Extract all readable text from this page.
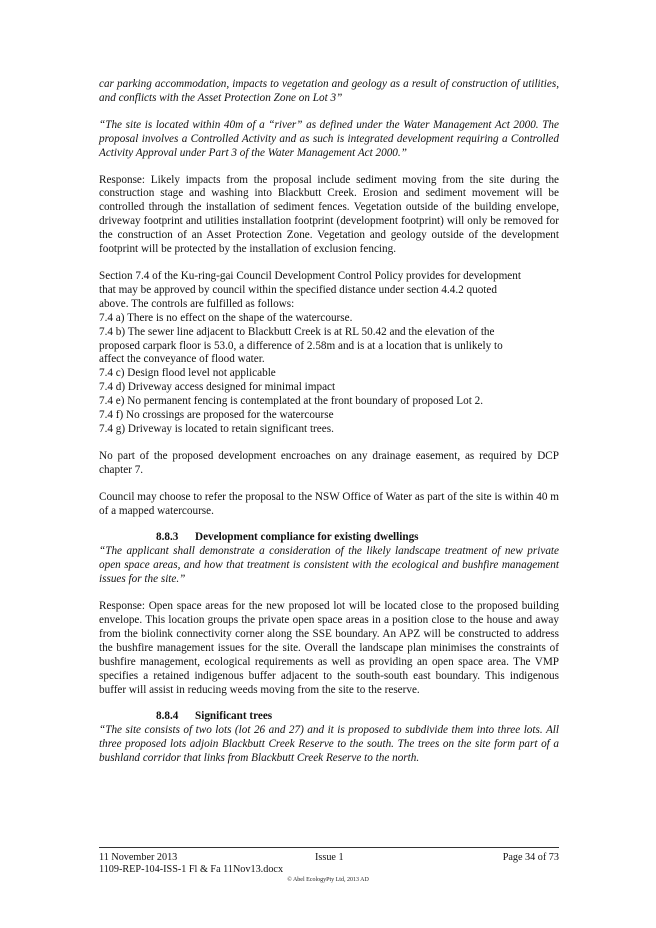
car parking accommodation, impacts to vegetation and geology as a result of construction of utilities, and conflicts with the Asset Protection Zone on Lot 3”

“The site is located within 40m of a “river” as defined under the Water Management Act 2000. The proposal involves a Controlled Activity and as such is integrated development requiring a Controlled Activity Approval under Part 3 of the Water Management Act 2000.”

Response: Likely impacts from the proposal include sediment moving from the site during the construction stage and washing into Blackbutt Creek. Erosion and sediment movement will be controlled through the installation of sediment fences. Vegetation outside of the building envelope, driveway footprint and utilities installation footprint (development footprint) will only be removed for the construction of an Asset Protection Zone. Vegetation and geology outside of the development footprint will be protected by the installation of exclusion fencing.

Section 7.4 of the Ku-ring-gai Council Development Control Policy provides for development
that may be approved by council within the specified distance under section 4.4.2 quoted
above. The controls are fulfilled as follows:
7.4 a) There is no effect on the shape of the watercourse.
7.4 b) The sewer line adjacent to Blackbutt Creek is at RL 50.42 and the elevation of the
proposed carpark floor is 53.0, a difference of 2.58m and is at a location that is unlikely to
affect the conveyance of flood water.
7.4 c) Design flood level not applicable
7.4 d) Driveway access designed for minimal impact
7.4 e) No permanent fencing is contemplated at the front boundary of proposed Lot 2.
7.4 f) No crossings are proposed for the watercourse
7.4 g) Driveway is located to retain significant trees.

No part of the proposed development encroaches on any drainage easement, as required by DCP chapter 7.

Council may choose to refer the proposal to the NSW Office of Water as part of the site is within 40 m of a mapped watercourse.

8.8.3 Development compliance for existing dwellings

“The applicant shall demonstrate a consideration of the likely landscape treatment of new private open space areas, and how that treatment is consistent with the ecological and bushfire management issues for the site.”

Response: Open space areas for the new proposed lot will be located close to the proposed building envelope. This location groups the private open space areas in a position close to the house and away from the biolink connectivity corner along the SSE boundary. An APZ will be constructed to address the bushfire management issues for the site. Overall the landscape plan minimises the constraints of bushfire management, ecological requirements as well as providing an open space area. The VMP specifies a retained indigenous buffer adjacent to the south-south east boundary. This indigenous buffer will assist in reducing weeds moving from the site to the reserve.

8.8.4 Significant trees

“The site consists of two lots (lot 26 and 27) and it is proposed to subdivide them into three lots. All three proposed lots adjoin Blackbutt Creek Reserve to the south. The trees on the site form part of a bushland corridor that links from Blackbutt Creek Reserve to the north.

11 November 2013	Issue 1	Page 34 of 73
1109-REP-104-ISS-1 Fl & Fa 11Nov13.docx
© Abel EcologyPty Ltd, 2013 AD
